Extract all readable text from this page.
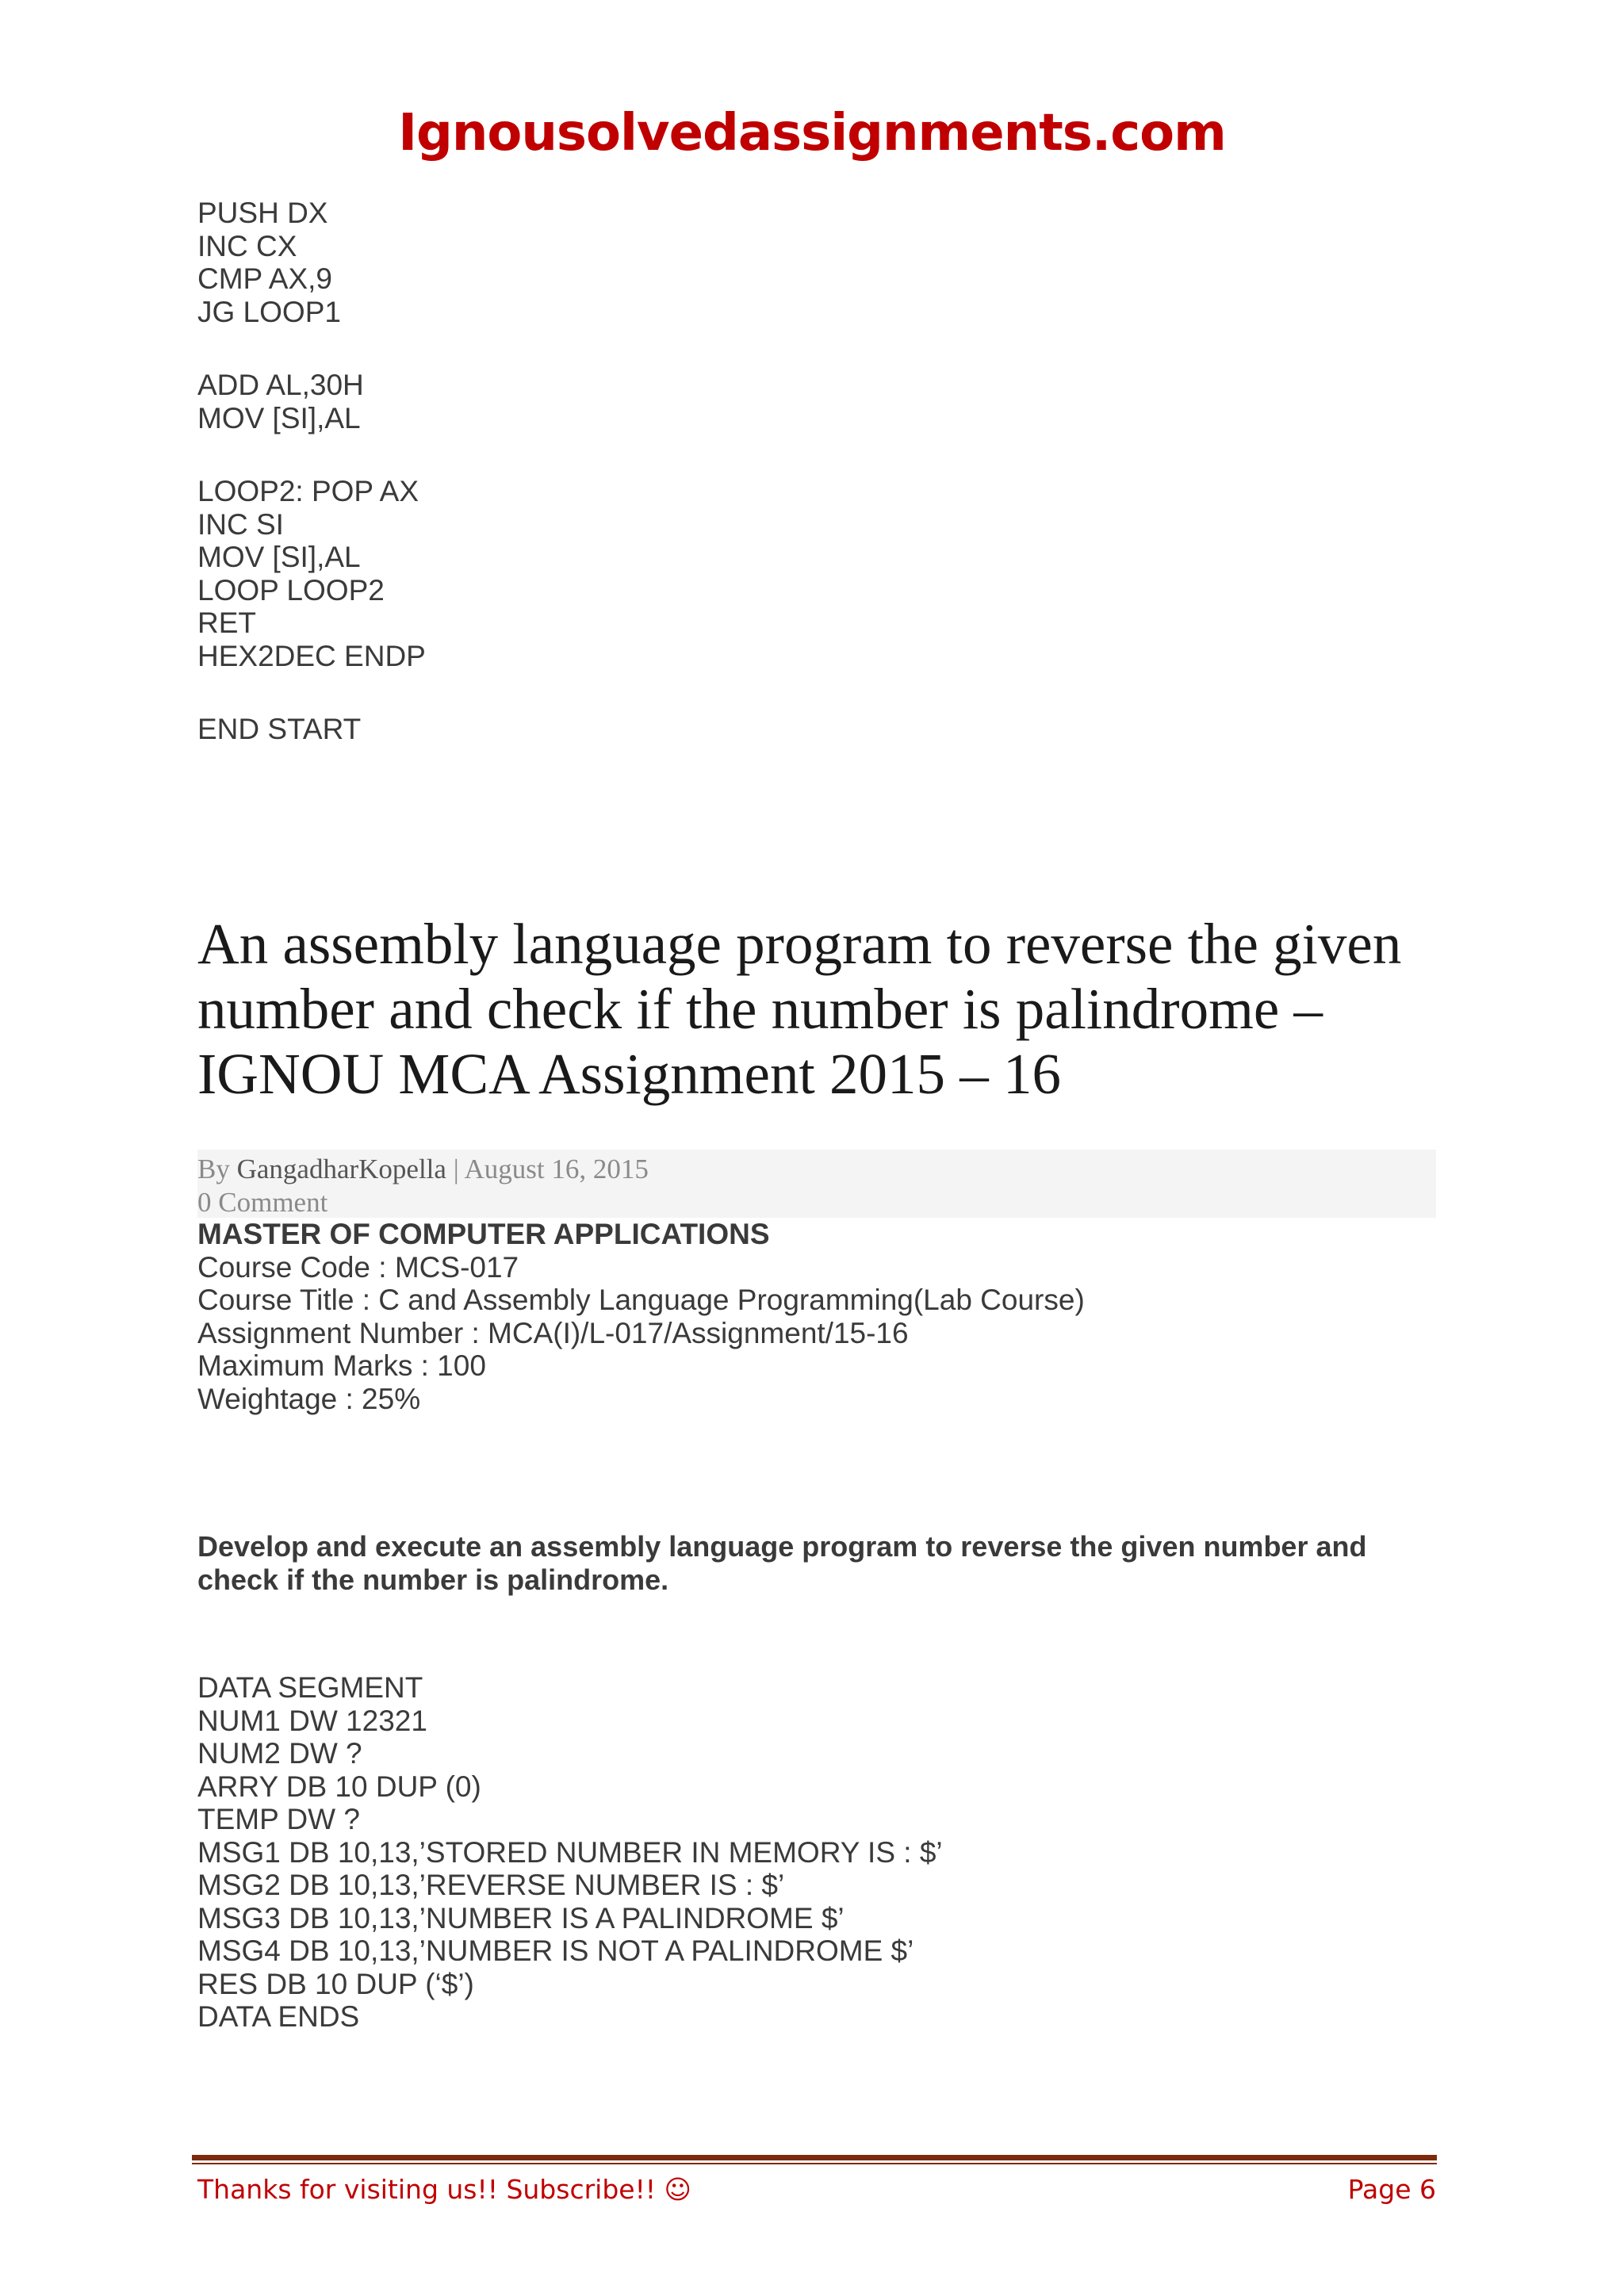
Ignousolvedassignments.com
PUSH DX
INC CX
CMP AX,9
JG LOOP1
ADD AL,30H
MOV [SI],AL
LOOP2: POP AX
INC SI
MOV [SI],AL
LOOP LOOP2
RET
HEX2DEC ENDP
END START
An assembly language program to reverse the given number and check if the number is palindrome – IGNOU MCA Assignment 2015 – 16
By GangadharKopella | August 16, 2015
0 Comment
MASTER OF COMPUTER APPLICATIONS
Course Code : MCS-017
Course Title : C and Assembly Language Programming(Lab Course)
Assignment Number : MCA(I)/L-017/Assignment/15-16
Maximum Marks : 100
Weightage : 25%
Develop and execute an assembly language program to reverse the given number and check if the number is palindrome.
DATA SEGMENT
NUM1 DW 12321
NUM2 DW ?
ARRY DB 10 DUP (0)
TEMP DW ?
MSG1 DB 10,13,’STORED NUMBER IN MEMORY IS : $’
MSG2 DB 10,13,’REVERSE NUMBER IS : $’
MSG3 DB 10,13,’NUMBER IS A PALINDROME $’
MSG4 DB 10,13,’NUMBER IS NOT A PALINDROME $’
RES DB 10 DUP (‘$’)
DATA ENDS
Thanks for visiting us!! Subscribe!! ☺	Page 6
